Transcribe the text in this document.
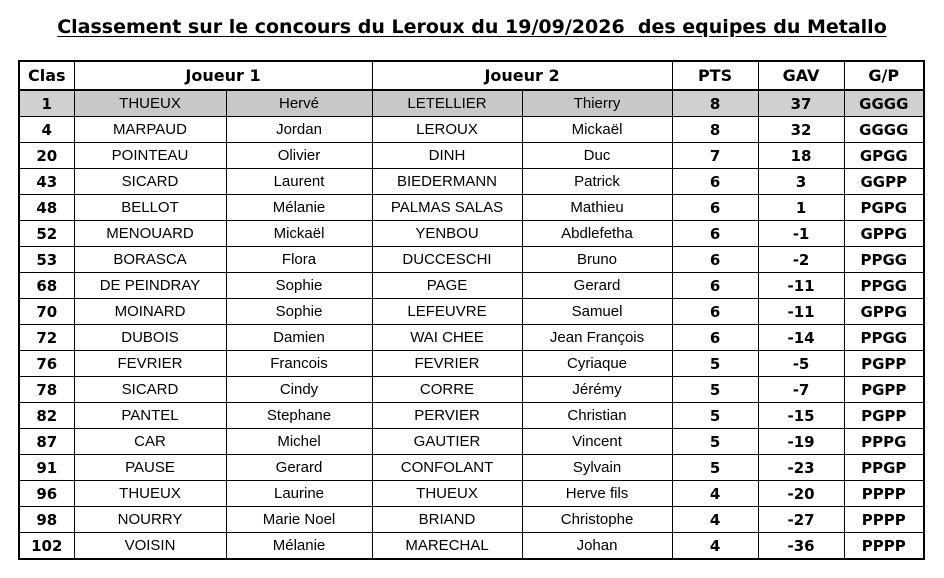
Classement sur le concours du Leroux du 19/09/2026  des equipes du Metallo
Clas	Joueur 1		Joueur 2		PTS	GAV	G/P
1	THUEUX	Hervé	LETELLIER	Thierry	8	37	GGGG
4	MARPAUD	Jordan	LEROUX	Mickaël	8	32	GGGG
20	POINTEAU	Olivier	DINH	Duc	7	18	GPGG
43	SICARD	Laurent	BIEDERMANN	Patrick	6	3	GGPP
48	BELLOT	Mélanie	PALMAS SALAS	Mathieu	6	1	PGPG
52	MENOUARD	Mickaël	YENBOU	Abdlefetha	6	-1	GPPG
53	BORASCA	Flora	DUCCESCHI	Bruno	6	-2	PPGG
68	DE PEINDRAY	Sophie	PAGE	Gerard	6	-11	PPGG
70	MOINARD	Sophie	LEFEUVRE	Samuel	6	-11	GPPG
72	DUBOIS	Damien	WAI CHEE	Jean François	6	-14	PPGG
76	FEVRIER	Francois	FEVRIER	Cyriaque	5	-5	PGPP
78	SICARD	Cindy	CORRE	Jérémy	5	-7	PGPP
82	PANTEL	Stephane	PERVIER	Christian	5	-15	PGPP
87	CAR	Michel	GAUTIER	Vincent	5	-19	PPPG
91	PAUSE	Gerard	CONFOLANT	Sylvain	5	-23	PPGP
96	THUEUX	Laurine	THUEUX	Herve fils	4	-20	PPPP
98	NOURRY	Marie Noel	BRIAND	Christophe	4	-27	PPPP
102	VOISIN	Mélanie	MARECHAL	Johan	4	-36	PPPP
